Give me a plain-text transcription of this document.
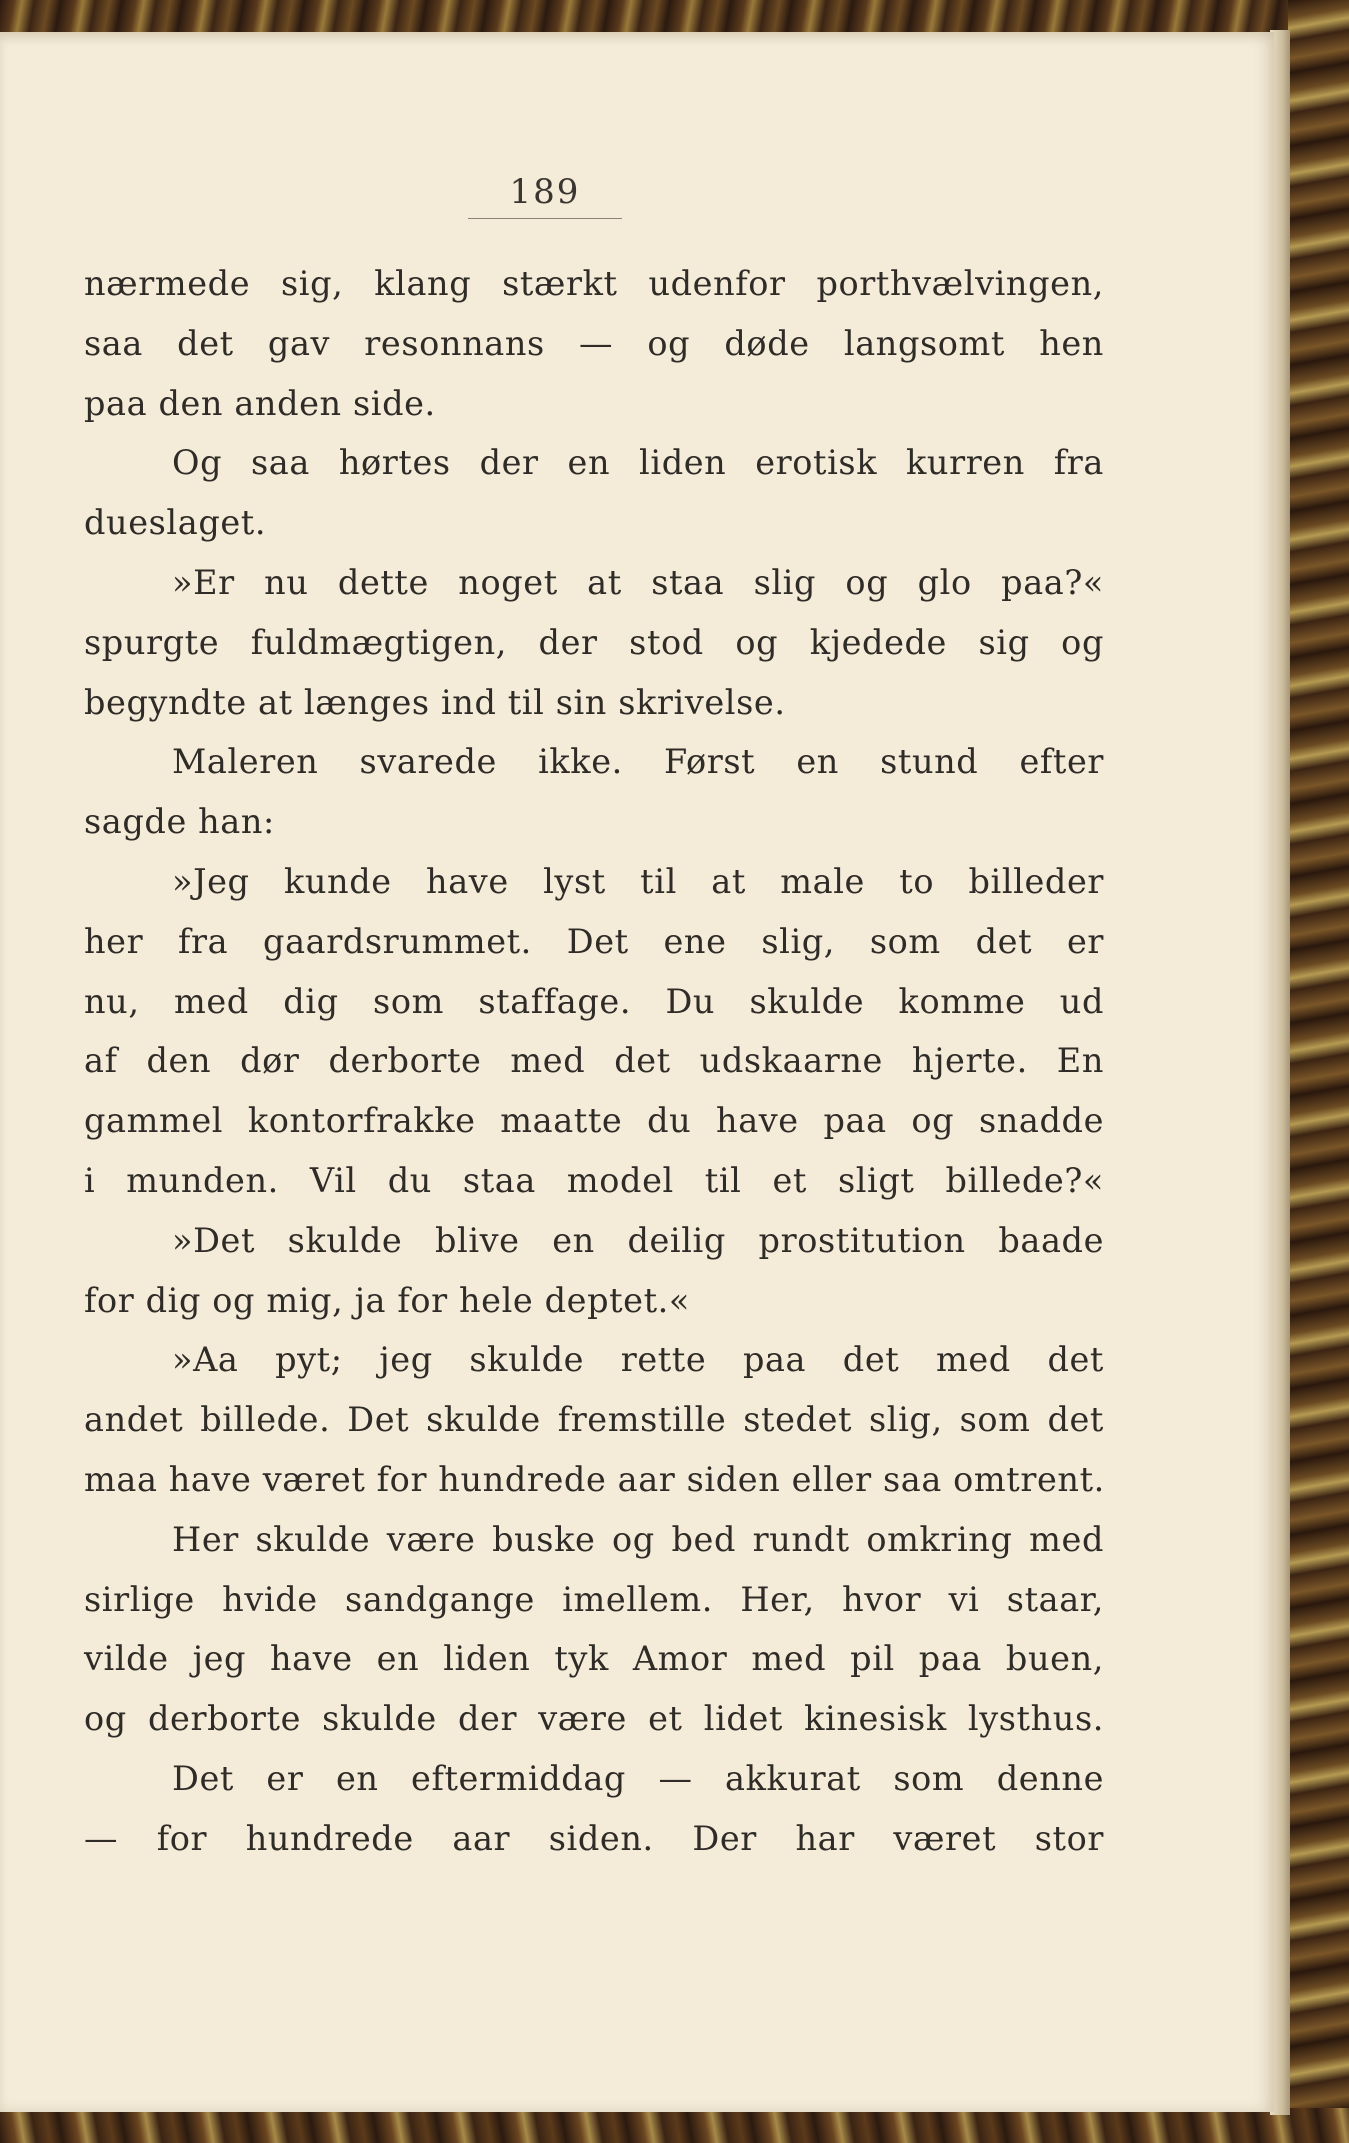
189
nærmede sig, klang stærkt udenfor porthvælvingen,
saa det gav resonnans — og døde langsomt hen
paa den anden side.
Og saa hørtes der en liden erotisk kurren fra
dueslaget.
»Er nu dette noget at staa slig og glo paa?«
spurgte fuldmægtigen, der stod og kjedede sig og
begyndte at længes ind til sin skrivelse.
Maleren svarede ikke. Først en stund efter
sagde han:
»Jeg kunde have lyst til at male to billeder
her fra gaardsrummet. Det ene slig, som det er
nu, med dig som staffage. Du skulde komme ud
af den dør derborte med det udskaarne hjerte. En
gammel kontorfrakke maatte du have paa og snadde
i munden. Vil du staa model til et sligt billede?«
»Det skulde blive en deilig prostitution baade
for dig og mig, ja for hele deptet.«
»Aa pyt; jeg skulde rette paa det med det
andet billede. Det skulde fremstille stedet slig, som det
maa have været for hundrede aar siden eller saa omtrent.
Her skulde være buske og bed rundt omkring med
sirlige hvide sandgange imellem. Her, hvor vi staar,
vilde jeg have en liden tyk Amor med pil paa buen,
og derborte skulde der være et lidet kinesisk lysthus.
Det er en eftermiddag — akkurat som denne
— for hundrede aar siden. Der har været stor
